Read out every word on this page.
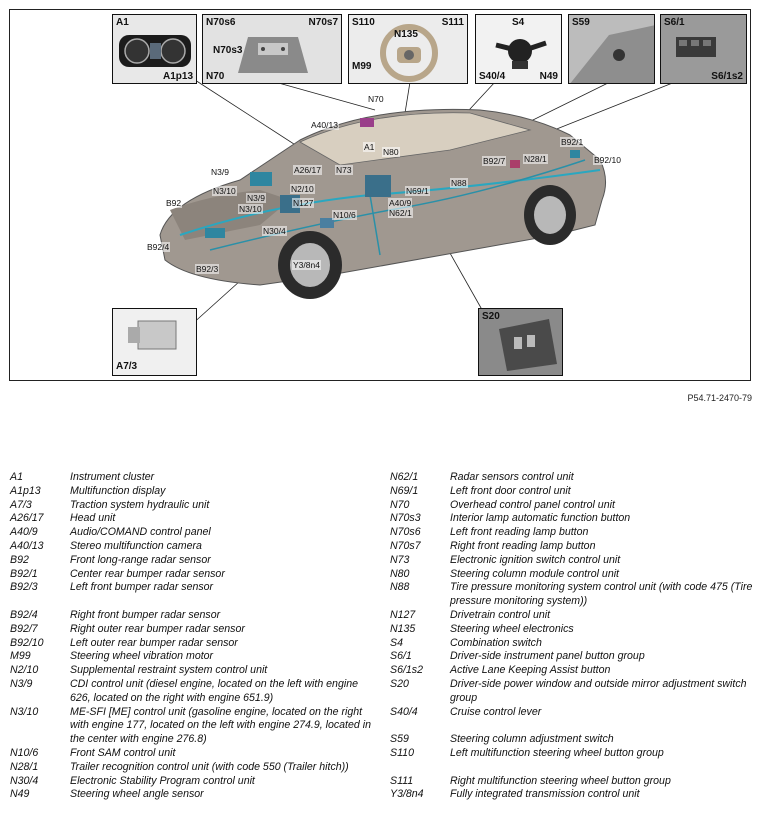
A1
A1p13
N70s6	N70s7
N70s3
N70
S110
N135
S111
M99
S4
S40/4	N49
S59	S6/1
S6/1s2
A7/3
S20
N70
A40/13
A1 N80
B92/1
B92/7 N28/1	B92/10
N88
N3/9	A26/17 N73
N3/10	N2/10	N69/1
N127	A40/9
N62/1
N10/6
N3/10
N30/4
B92
B92/4
B92/3	Y3/8n4
N3/9
P54.71-2470-79
A1	Instrument cluster
A1p13	Multifunction display
A7/3	Traction system hydraulic unit
A26/17	Head unit
A40/9	Audio/COMAND control panel
A40/13	Stereo multifunction camera
B92	Front long-range radar sensor
B92/1	Center rear bumper radar sensor
B92/3	Left front bumper radar sensor
B92/4	Right front bumper radar sensor
B92/7	Right outer rear bumper radar sensor
B92/10	Left outer rear bumper radar sensor
M99	Steering wheel vibration motor
N2/10	Supplemental restraint system control unit
N3/9	CDI control unit (diesel engine, located on the left with engine 626, located on the right with engine 651.9)
N3/10	ME-SFI [ME] control unit (gasoline engine, located on the right with engine 177, located on the left with engine 274.9, located in the center with engine 276.8)
N10/6	Front SAM control unit
N28/1	Trailer recognition control unit (with code 550 (Trailer hitch))
N30/4	Electronic Stability Program control unit
N49	Steering wheel angle sensor
N62/1	Radar sensors control unit
N69/1	Left front door control unit
N70	Overhead control panel control unit
N70s3	Interior lamp automatic function button
N70s6	Left front reading lamp button
N70s7	Right front reading lamp button
N73	Electronic ignition switch control unit
N80	Steering column module control unit
N88	Tire pressure monitoring system control unit (with code 475 (Tire pressure monitoring system))
N127	Drivetrain control unit
N135	Steering wheel electronics
S4	Combination switch
S6/1	Driver-side instrument panel button group
S6/1s2	Active Lane Keeping Assist button
S20	Driver-side power window and outside mirror adjustment switch group
S40/4	Cruise control lever
S59	Steering column adjustment switch
S110	Left multifunction steering wheel button group
S111	Right multifunction steering wheel button group
Y3/8n4	Fully integrated transmission control unit
